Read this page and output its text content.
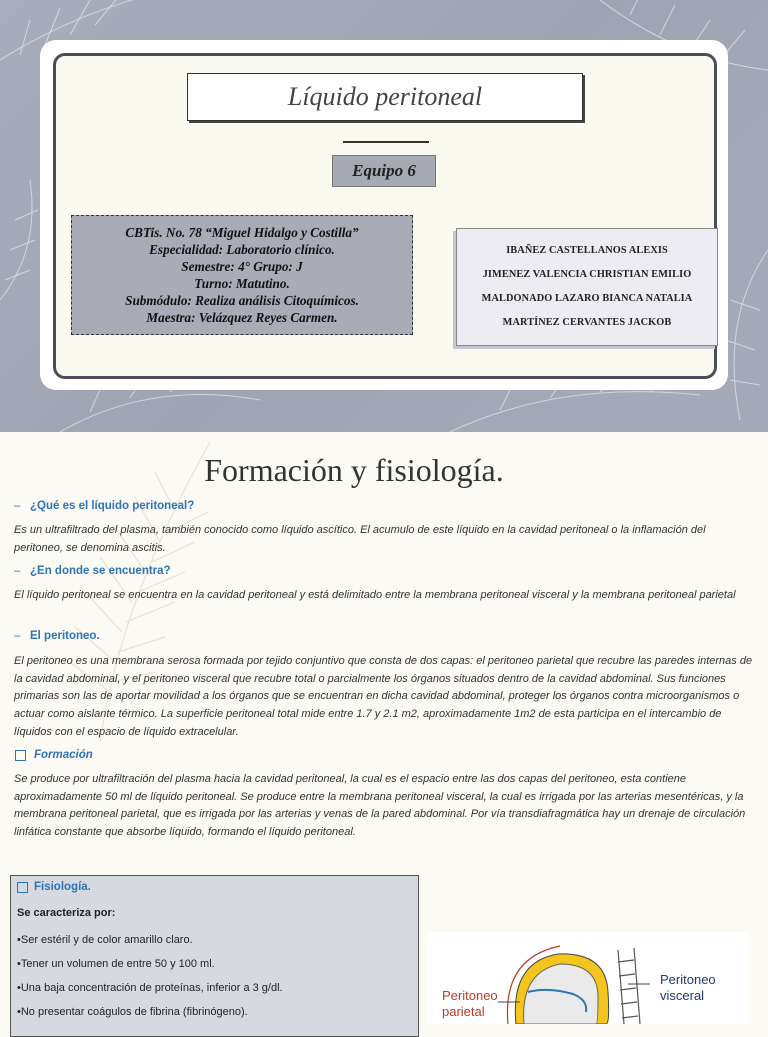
Líquido peritoneal
Equipo 6
CBTis. No. 78 “Miguel Hidalgo y Costilla”
Especialidad: Laboratorio clínico.
Semestre: 4° Grupo: J
Turno: Matutino.
Submódulo: Realiza análisis Citoquímicos.
Maestra: Velázquez Reyes Carmen.
IBAÑEZ CASTELLANOS ALEXIS
JIMENEZ VALENCIA CHRISTIAN EMILIO
MALDONADO LAZARO BIANCA NATALIA
MARTÍNEZ CERVANTES JACKOB
Formación y fisiología.
– ¿Qué es el líquido peritoneal?
Es un ultrafiltrado del plasma, también conocido como líquido ascítico. El acumulo de este líquido en la cavidad peritoneal o la inflamación del peritoneo, se denomina ascitis.
– ¿En donde se encuentra?
El líquido peritoneal se encuentra en la cavidad peritoneal y está delimitado entre la membrana peritoneal visceral y la membrana peritoneal parietal
– El peritoneo.
El peritoneo es una membrana serosa formada por tejido conjuntivo que consta de dos capas: el peritoneo parietal que recubre las paredes internas de la cavidad abdominal, y el peritoneo visceral que recubre total o parcialmente los órganos situados dentro de la cavidad abdominal. Sus funciones primarias son las de aportar movilidad a los órganos que se encuentran en dicha cavidad abdominal, proteger los órganos contra microorganismos o actuar como aislante térmico. La superficie peritoneal total mide entre 1.7 y 2.1 m2, aproximadamente 1m2 de esta participa en el intercambio de líquidos con el espacio de líquido extracelular.
Formación
Se produce por ultrafiltración del plasma hacia la cavidad peritoneal, la cual es el espacio entre las dos capas del peritoneo, esta contiene aproximadamente 50 ml de líquido peritoneal. Se produce entre la membrana peritoneal visceral, la cual es irrigada por las arterias mesentéricas, y la membrana peritoneal parietal, que es irrigada por las arterias y venas de la pared abdominal. Por vía transdiafragmática hay un drenaje de circulación linfática constante que absorbe líquido, formando el líquido peritoneal.
Fisiología.
Se caracteriza por:
• Ser estéril y de color amarillo claro.
• Tener un volumen de entre 50 y 100 ml.
• Una baja concentración de proteínas, inferior a 3 g/dl.
• No presentar coágulos de fibrina (fibrinógeno).
Peritoneo
parietal
Peritoneo
visceral
